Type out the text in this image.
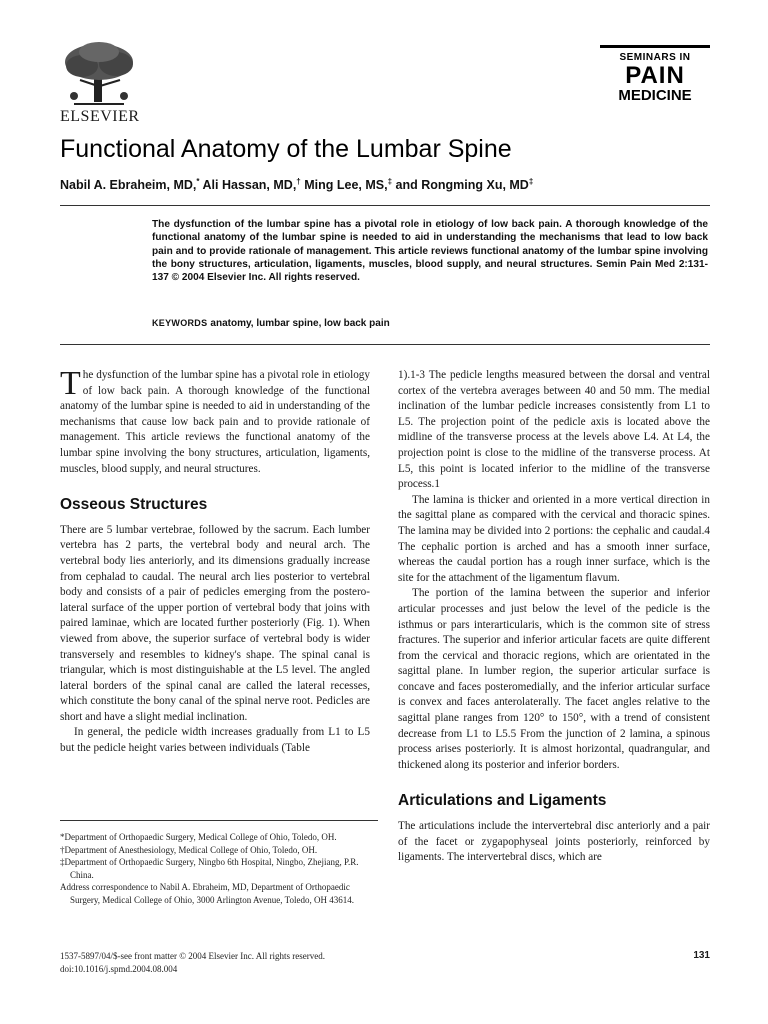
ELSEVIER
SEMINARS IN
PAIN
MEDICINE
Functional Anatomy of the Lumbar Spine
Nabil A. Ebraheim, MD,* Ali Hassan, MD,† Ming Lee, MS,‡ and Rongming Xu, MD‡
The dysfunction of the lumbar spine has a pivotal role in etiology of low back pain. A thorough knowledge of the functional anatomy of the lumbar spine is needed to aid in understanding the mechanisms that lead to low back pain and to provide rationale of management. This article reviews functional anatomy of the lumbar spine involving the bony structures, articulation, ligaments, muscles, blood supply, and neural structures. Semin Pain Med 2:131-137 © 2004 Elsevier Inc. All rights reserved.
KEYWORDS anatomy, lumbar spine, low back pain

The dysfunction of the lumbar spine has a pivotal role in etiology of low back pain. A thorough knowledge of the functional anatomy of the lumbar spine is needed to aid in understanding of the mechanisms that cause low back pain and to provide rationale of management. This article reviews the functional anatomy of the lumbar spine involving the bony structures, articulation, ligaments, muscles, blood supply, and neural structures.

Osseous Structures

There are 5 lumbar vertebrae, followed by the sacrum. Each lumber vertebra has 2 parts, the vertebral body and neural arch. The vertebral body lies anteriorly, and its dimensions gradually increase from cephalad to caudal. The neural arch lies posterior to vertebral body and consists of a pair of pedicles emerging from the postero-lateral surface of the upper portion of vertebral body that joins with paired laminae, which are located further posteriorly (Fig. 1). When viewed from above, the superior surface of vertebral body is wider transversely and resembles to kidney's shape. The spinal canal is triangular, which is most distinguishable at the L5 level. The angled lateral borders of the spinal canal are called the lateral recesses, which constitute the bony canal of the spinal nerve root. Pedicles are short and have a slight medial inclination.

In general, the pedicle width increases gradually from L1 to L5 but the pedicle height varies between individuals (Table

1).1-3 The pedicle lengths measured between the dorsal and ventral cortex of the vertebra averages between 40 and 50 mm. The medial inclination of the lumbar pedicle increases consistently from L1 to L5. The projection point of the pedicle axis is located above the midline of the transverse process at the levels above L4. At L4, the projection point is close to the midline of the transverse process. At L5, this point is located inferior to the midline of the transverse process.1

The lamina is thicker and oriented in a more vertical direction in the sagittal plane as compared with the cervical and thoracic spines. The lamina may be divided into 2 portions: the cephalic and caudal.4 The cephalic portion is arched and has a smooth inner surface, whereas the caudal portion has a rough inner surface, which is the site for the attachment of the ligamentum flavum.

The portion of the lamina between the superior and inferior articular processes and just below the level of the pedicle is the isthmus or pars interarticularis, which is the common site of stress fractures. The superior and inferior articular facets are quite different from the cervical and thoracic regions, which are orientated in the sagittal plane. In lumber region, the superior articular surface is concave and faces posteromedially, and the inferior articular surface is convex and faces anterolaterally. The facet angles relative to the sagittal plane ranges from 120° to 150°, with a trend of consistent decrease from L1 to L5.5 From the junction of 2 lamina, a spinous process arises posteriorly. It is almost horizontal, quadrangular, and thickened along its posterior and inferior borders.

Articulations and Ligaments

The articulations include the intervertebral disc anteriorly and a pair of the facet or zygapophyseal joints posteriorly, reinforced by ligaments. The intervertebral discs, which are

*Department of Orthopaedic Surgery, Medical College of Ohio, Toledo, OH.
†Department of Anesthesiology, Medical College of Ohio, Toledo, OH.
‡Department of Orthopaedic Surgery, Ningbo 6th Hospital, Ningbo, Zhejiang, P.R. China.
Address correspondence to Nabil A. Ebraheim, MD, Department of Orthopaedic Surgery, Medical College of Ohio, 3000 Arlington Avenue, Toledo, OH 43614.
1537-5897/04/$-see front matter © 2004 Elsevier Inc. All rights reserved.
doi:10.1016/j.spmd.2004.08.004
131
